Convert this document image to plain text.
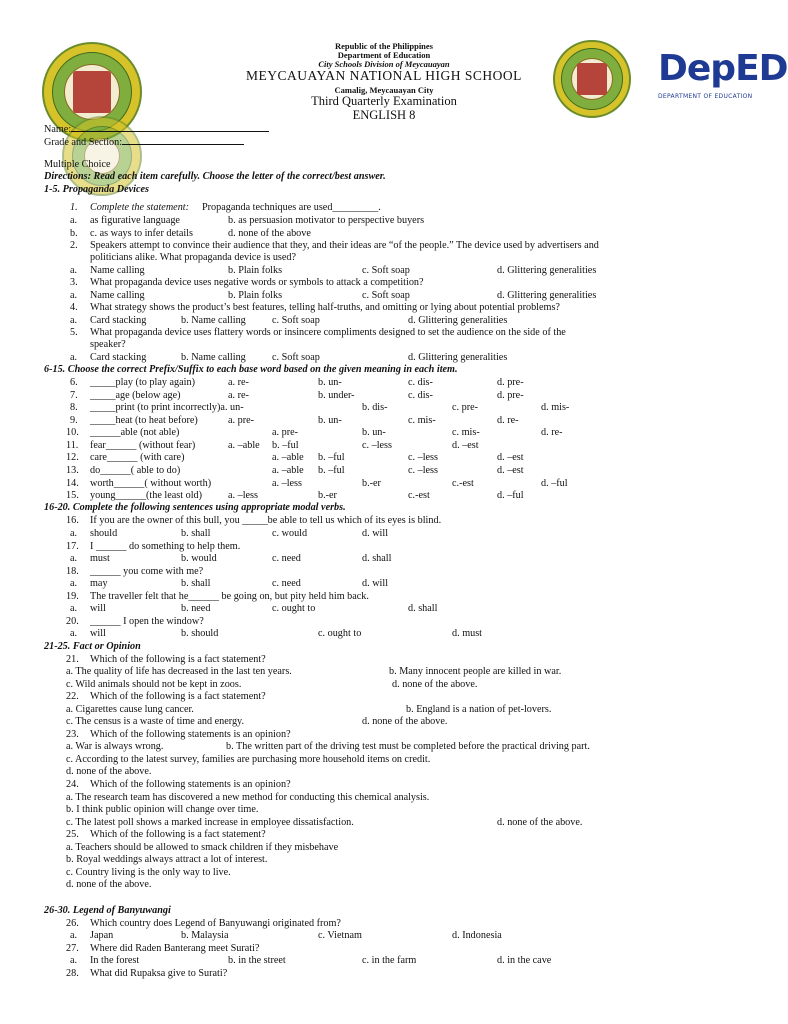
DepED
DEPARTMENT OF EDUCATION
Republic of the Philippines
Department of Education
City Schools Division of Meycauayan
MEYCAUAYAN NATIONAL HIGH SCHOOL
Camalig, Meycauayan City
Third Quarterly Examination
ENGLISH 8
Name:
Grade and Section:
Multiple Choice
Directions: Read each item carefully. Choose the letter of the correct/best answer.
1-5. Propaganda Devices
6-15. Choose the correct Prefix/Suffix to each base word based on the given meaning in each item.
16-20. Complete the following sentences using appropriate modal verbs.
21-25. Fact or Opinion
26-30. Legend of Banyuwangi
1. Complete the statement: Propaganda techniques are used_________.
a. as figurative language	b. as persuasion motivator to perspective buyers
b. c. as ways to infer details	d. none of the above
2. Speakers attempt to convince their audience that they, and their ideas are “of the people.” The device used by advertisers and
politicians alike. What propaganda device is used?
a. Name calling	b. Plain folks	c. Soft soap	d. Glittering generalities
3. What propaganda device uses negative words or symbols to attack a competition?
a. Name calling	b. Plain folks	c. Soft soap	d. Glittering generalities
4. What strategy shows the product’s best features, telling half-truths, and omitting or lying about potential problems?
a. Card stacking	b. Name calling	c. Soft soap	d. Glittering generalities
5. What propaganda device uses flattery words or insincere compliments designed to set the audience on the side of the
speaker?
a. Card stacking	b. Name calling	c. Soft soap	d. Glittering generalities
6. _____play (to play again)	a. re-	b. un-	c. dis-	d. pre-
7. _____age (below age)	a. re-	b. under-	c. dis-	d. pre-
8. _____print (to print incorrectly)a. un-	b. dis-	c. pre-	d. mis-
9. _____heat (to heat before)	a. pre-	b. un-	c. mis-	d. re-
10. ______able (not able)	a. pre-	b. un-	c. mis-	d. re-
11. fear______ (without fear)	a. –able b. –ful	c. –less	d. –est
12. care______ (with care)	a. –able b. –ful	c. –less	d. –est
13. do______( able to do)	a. –able b. –ful	c. –less	d. –est
14. worth______( without worth)	a. –less	b.-er	c.-est	d. –ful
15. young______(the least old)	a. –less	b.-er	c.-est	d. –ful
16. If you are the owner of this bull, you _____be able to tell us which of its eyes is blind.
a. should	b. shall	c. would	d. will
17. I ______ do something to help them.
a. must	b. would	c. need	d. shall
18. ______ you come with me?
a. may	b. shall	c. need	d. will
19. The traveller felt that he______ be going on, but pity held him back.
a. will	b. need	c. ought to	d. shall
20. ______ I open the window?
a. will	b. should	c. ought to	d. must
21. Which of the following is a fact statement?
a. The quality of life has decreased in the last ten years.	b. Many innocent people are killed in war.
c. Wild animals should not be kept in zoos.	d. none of the above.
22. Which of the following is a fact statement?
a. Cigarettes cause lung cancer.	b. England is a nation of pet-lovers.
c. The census is a waste of time and energy.	d. none of the above.
23. Which of the following statements is an opinion?
a. War is always wrong.	b. The written part of the driving test must be completed before the practical driving part.
c. According to the latest survey, families are purchasing more household items on credit.
d. none of the above.
24. Which of the following statements is an opinion?
a. The research team has discovered a new method for conducting this chemical analysis.
b. I think public opinion will change over time.
c. The latest poll shows a marked increase in employee dissatisfaction.	d. none of the above.
25. Which of the following is a fact statement?
a. Teachers should be allowed to smack children if they misbehave
b. Royal weddings always attract a lot of interest.
c. Country living is the only way to live.
d. none of the above.
26. Which country does Legend of Banyuwangi originated from?
a. Japan	b. Malaysia	c. Vietnam	d. Indonesia
27. Where did Raden Banterang meet Surati?
a. In the forest	b. in the street	c. in the farm	d. in the cave
28. What did Rupaksa give to Surati?
